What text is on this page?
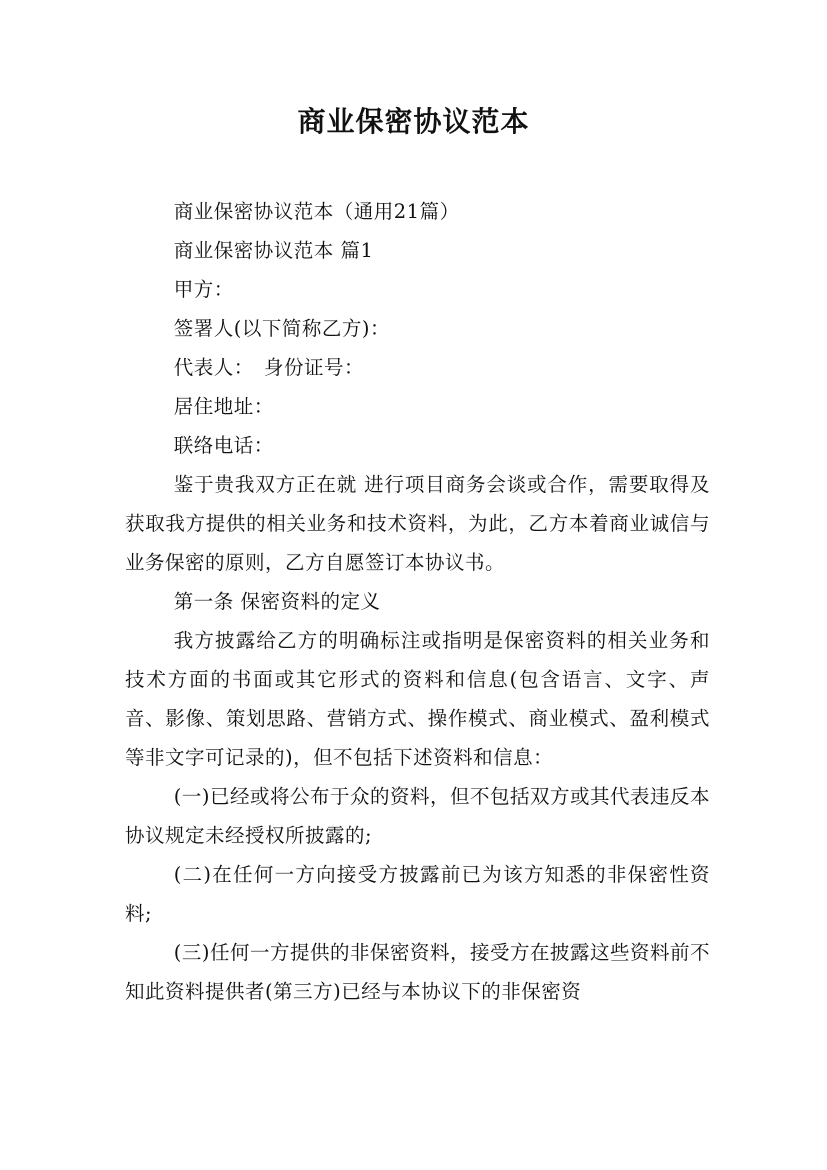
商业保密协议范本

商业保密协议范本（通用21篇）

商业保密协议范本 篇1

甲方：

签署人(以下简称乙方)：

代表人：　身份证号：

居住地址：

联络电话：

鉴于贵我双方正在就 进行项目商务会谈或合作，需要取得及获取我方提供的相关业务和技术资料，为此，乙方本着商业诚信与业务保密的原则，乙方自愿签订本协议书。

第一条 保密资料的定义

我方披露给乙方的明确标注或指明是保密资料的相关业务和技术方面的书面或其它形式的资料和信息(包含语言、文字、声音、影像、策划思路、营销方式、操作模式、商业模式、盈利模式等非文字可记录的)，但不包括下述资料和信息：

(一)已经或将公布于众的资料，但不包括双方或其代表违反本协议规定未经授权所披露的;

(二)在任何一方向接受方披露前已为该方知悉的非保密性资料;

(三)任何一方提供的非保密资料，接受方在披露这些资料前不知此资料提供者(第三方)已经与本协议下的非保密资
